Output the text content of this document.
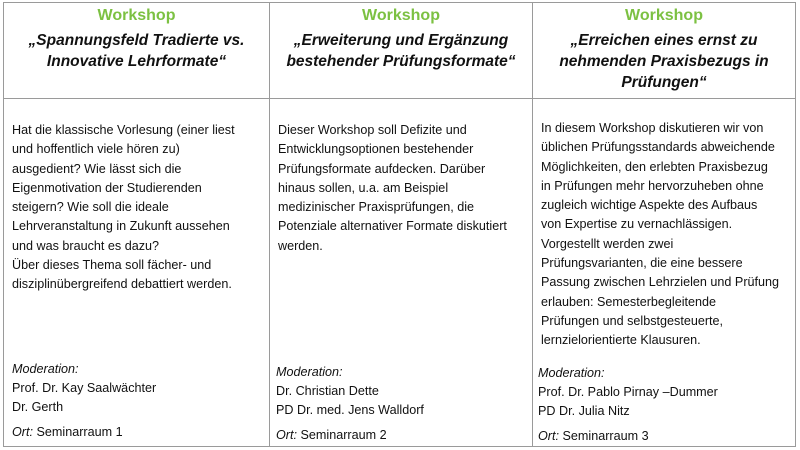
Workshop
„Spannungsfeld Tradierte vs.
Innovative Lehrformate“
Hat die klassische Vorlesung (einer liest
und hoffentlich viele hören zu)
ausgedient? Wie lässt sich die
Eigenmotivation der Studierenden
steigern? Wie soll die ideale
Lehrveranstaltung in Zukunft aussehen
und was braucht es dazu?
Über dieses Thema soll fächer- und
disziplinübergreifend debattiert werden.
Moderation:
Prof. Dr. Kay Saalwächter
Dr. Gerth
Ort: Seminarraum 1
Workshop
„Erweiterung und Ergänzung
bestehender Prüfungsformate“
Dieser Workshop soll Defizite und
Entwicklungsoptionen bestehender
Prüfungsformate aufdecken. Darüber
hinaus sollen, u.a. am Beispiel
medizinischer Praxisprüfungen, die
Potenziale alternativer Formate diskutiert
werden.
Moderation:
Dr. Christian Dette
PD Dr. med. Jens Walldorf
Ort: Seminarraum 2
Workshop
„Erreichen eines ernst zu
nehmenden Praxisbezugs in
Prüfungen“
In diesem Workshop diskutieren wir von
üblichen Prüfungsstandards abweichende
Möglichkeiten, den erlebten Praxisbezug
in Prüfungen mehr hervorzuheben ohne
zugleich wichtige Aspekte des Aufbaus
von Expertise zu vernachlässigen.
Vorgestellt werden zwei
Prüfungsvarianten, die eine bessere
Passung zwischen Lehrzielen und Prüfung
erlauben: Semesterbegleitende
Prüfungen und selbstgesteuerte,
lernzielorientierte Klausuren.
Moderation:
Prof. Dr. Pablo Pirnay –Dummer
PD Dr. Julia Nitz
Ort: Seminarraum 3
